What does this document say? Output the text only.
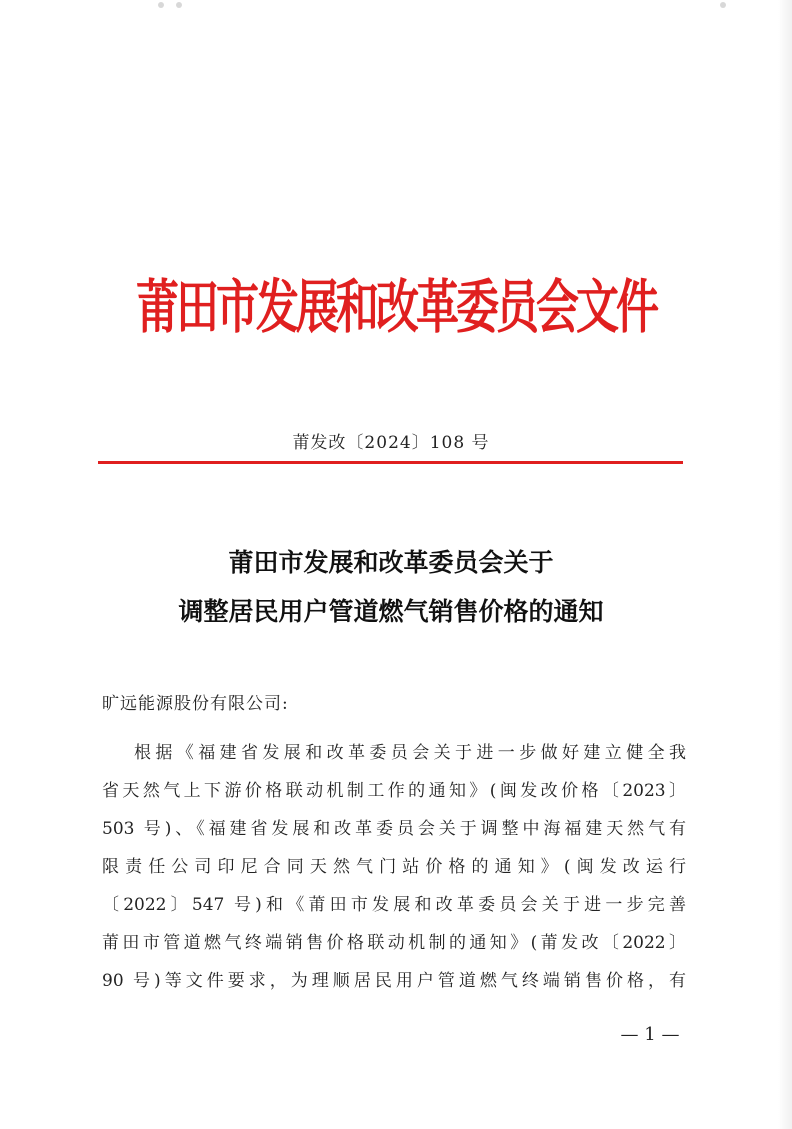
莆田市发展和改革委员会文件
莆发改〔2024〕108 号
莆田市发展和改革委员会关于
调整居民用户管道燃气销售价格的通知
旷远能源股份有限公司:
根据《福建省发展和改革委员会关于进一步做好建立健全我
省天然气上下游价格联动机制工作的通知》(闽发改价格〔2023〕
503 号)、《福建省发展和改革委员会关于调整中海福建天然气有
限责任公司印尼合同天然气门站价格的通知》(闽发改运行
〔2022〕547 号)和《莆田市发展和改革委员会关于进一步完善
莆田市管道燃气终端销售价格联动机制的通知》(莆发改〔2022〕
90 号)等文件要求，为理顺居民用户管道燃气终端销售价格，有
— 1 —
